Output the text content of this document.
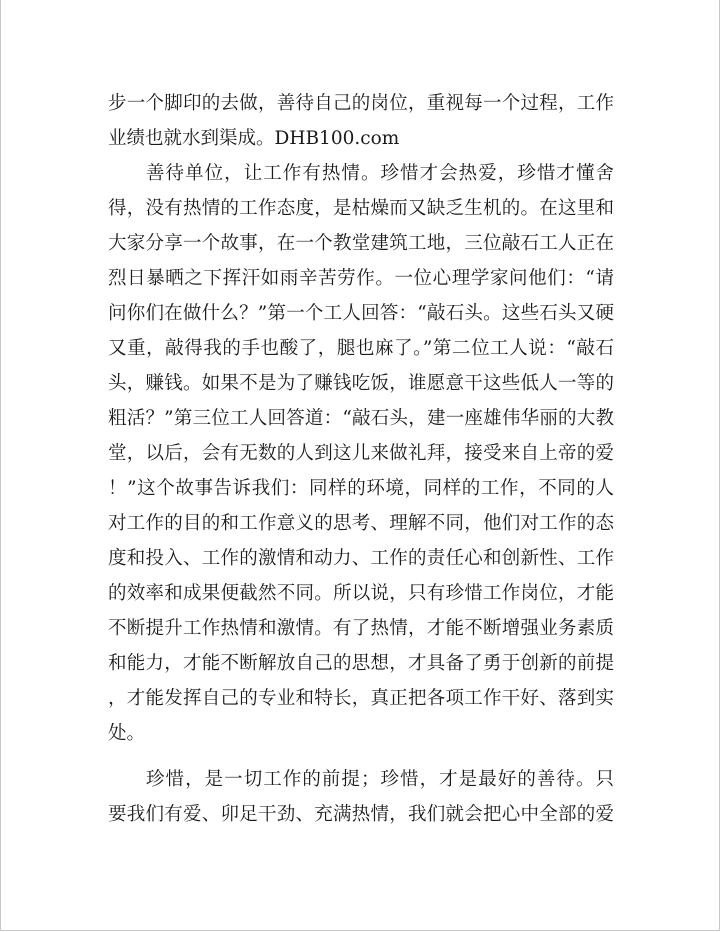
步一个脚印的去做，善待自己的岗位，重视每一个过程，工作
业绩也就水到渠成。DHB100.com
善待单位，让工作有热情。珍惜才会热爱，珍惜才懂舍
得，没有热情的工作态度，是枯燥而又缺乏生机的。在这里和
大家分享一个故事，在一个教堂建筑工地，三位敲石工人正在
烈日暴晒之下挥汗如雨辛苦劳作。一位心理学家问他们：“请
问你们在做什么？”第一个工人回答：“敲石头。这些石头又硬
又重，敲得我的手也酸了，腿也麻了。”第二位工人说：“敲石
头，赚钱。如果不是为了赚钱吃饭，谁愿意干这些低人一等的
粗活？”第三位工人回答道：“敲石头，建一座雄伟华丽的大教
堂，以后，会有无数的人到这儿来做礼拜，接受来自上帝的爱
！”这个故事告诉我们：同样的环境，同样的工作，不同的人
对工作的目的和工作意义的思考、理解不同，他们对工作的态
度和投入、工作的激情和动力、工作的责任心和创新性、工作
的效率和成果便截然不同。所以说，只有珍惜工作岗位，才能
不断提升工作热情和激情。有了热情，才能不断增强业务素质
和能力，才能不断解放自己的思想，才具备了勇于创新的前提
，才能发挥自己的专业和特长，真正把各项工作干好、落到实
处。
珍惜，是一切工作的前提；珍惜，才是最好的善待。只
要我们有爱、卯足干劲、充满热情，我们就会把心中全部的爱
